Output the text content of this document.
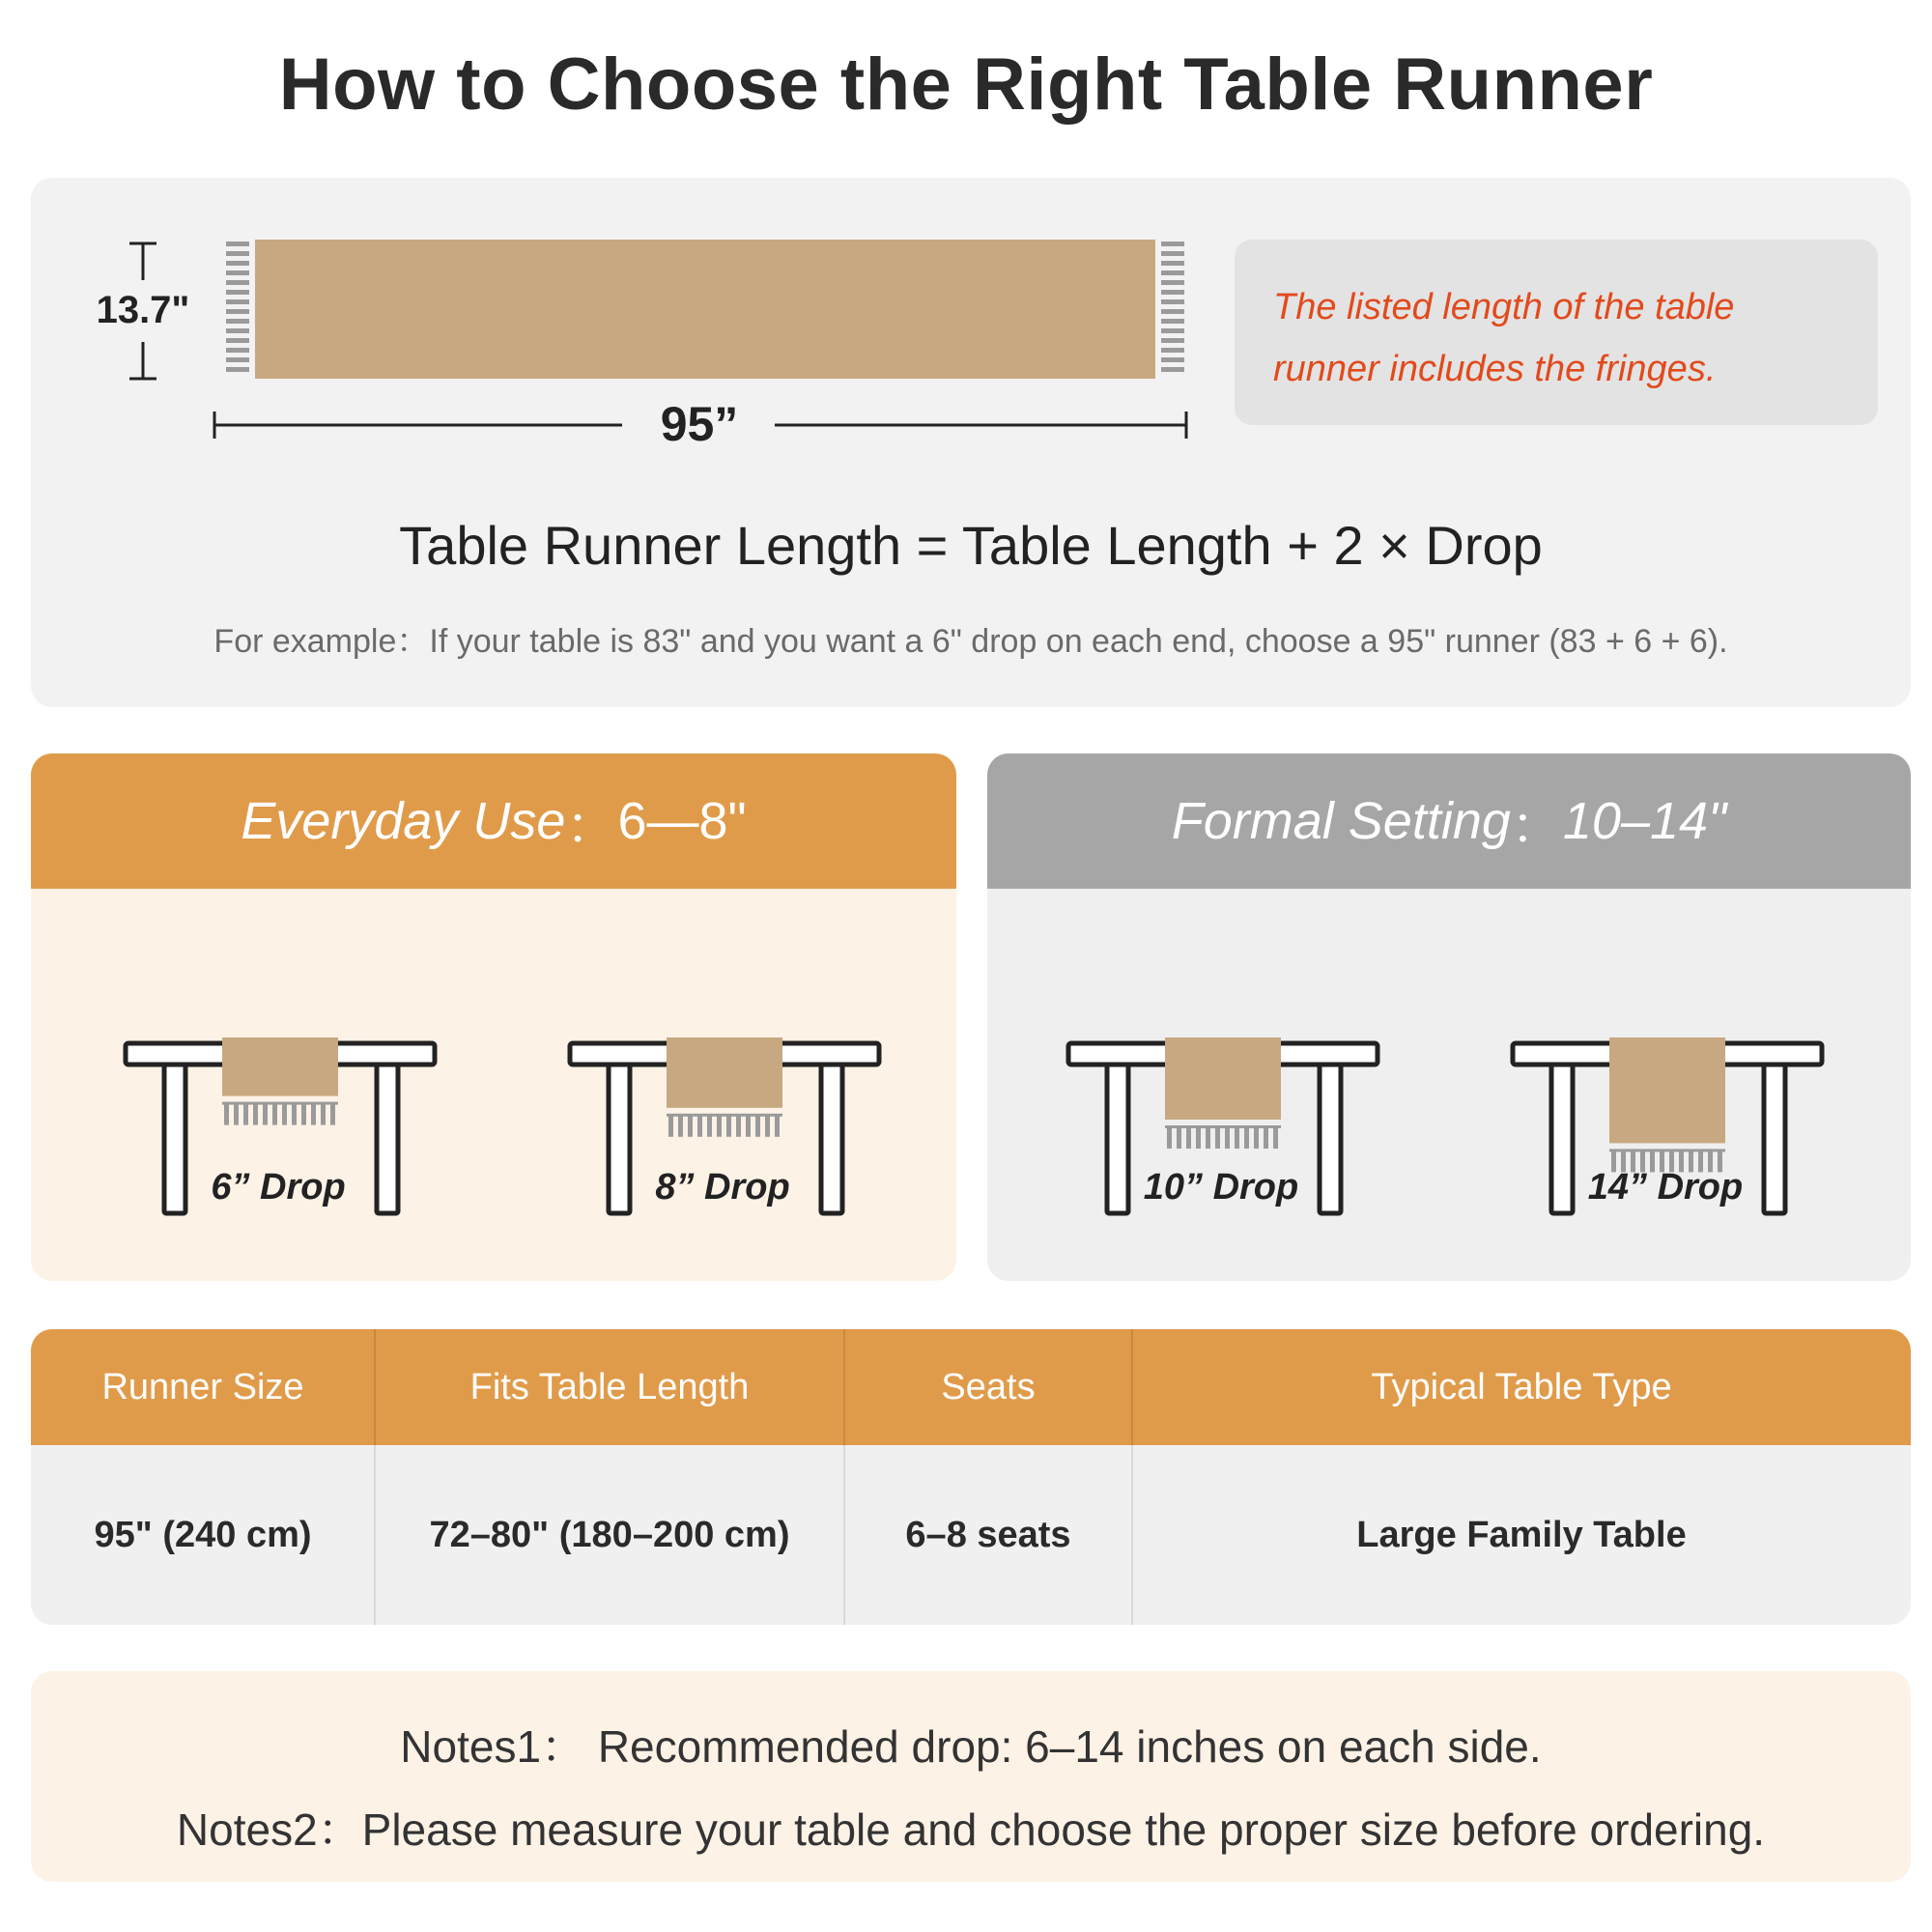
How to Choose the Right Table Runner
13.7"
95”
The listed length of the table
runner includes the fringes.
Table Runner Length = Table Length + 2 × Drop
For example：If your table is 83" and you want a 6" drop on each end, choose a 95" runner (83 + 6 + 6).
Everyday Use ： 6—8"	Formal Setting ： 10–14"
6” Drop	8” Drop	10” Drop	14” Drop
Runner Size	Fits Table Length	Seats	Typical Table Type
95" (240 cm)	72–80" (180–200 cm)	6–8 seats	Large Family Table
Notes1： Recommended drop: 6–14 inches on each side.
Notes2：Please measure your table and choose the proper size before ordering.
